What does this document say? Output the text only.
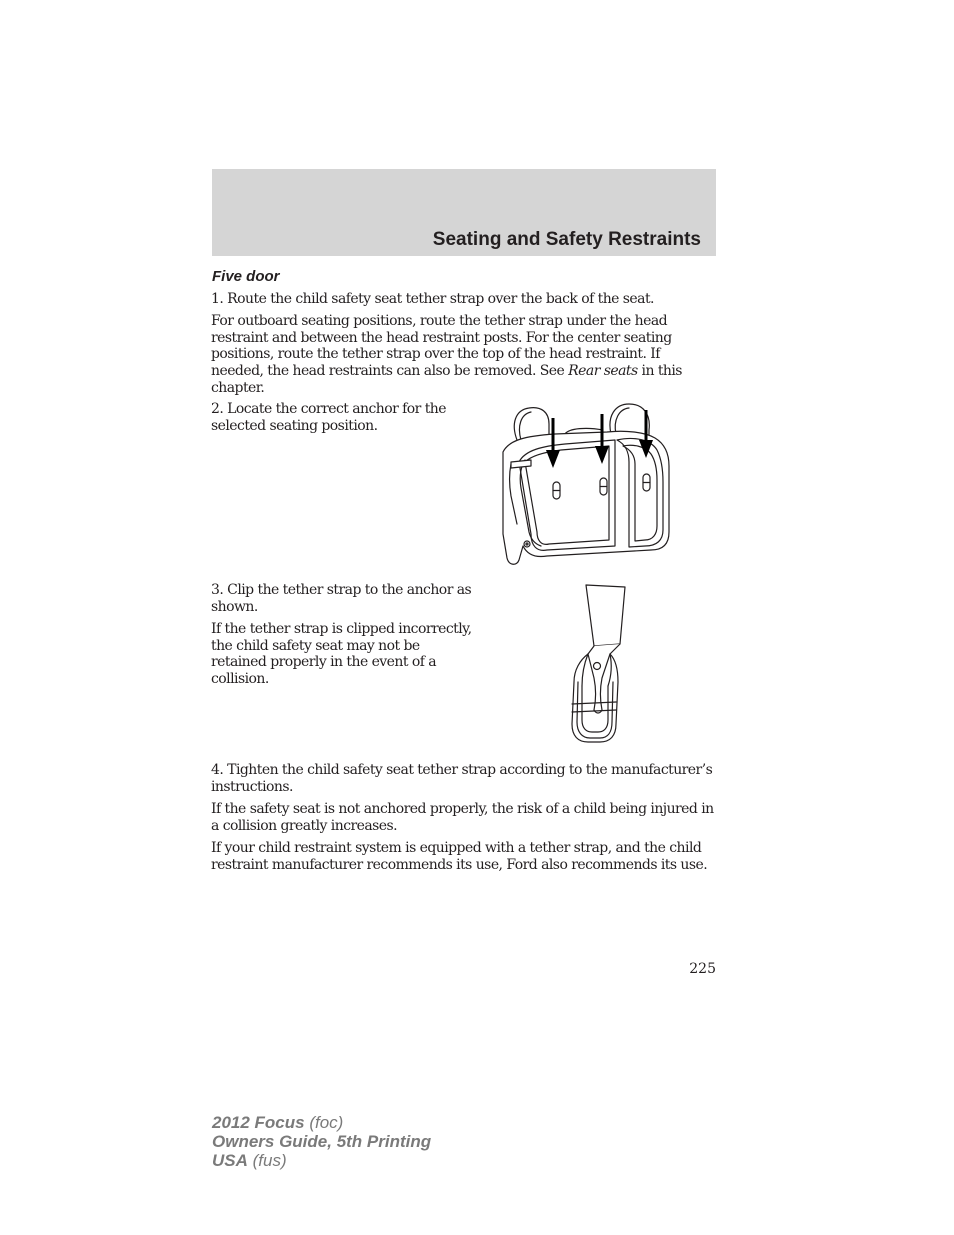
Seating and Safety Restraints
Five door

1. Route the child safety seat tether strap over the back of the seat.

For outboard seating positions, route the tether strap under the head restraint and between the head restraint posts. For the center seating positions, route the tether strap over the top of the head restraint. If needed, the head restraints can also be removed. See Rear seats in this chapter.

2. Locate the correct anchor for the selected seating position.

3. Clip the tether strap to the anchor as shown.

If the tether strap is clipped incorrectly, the child safety seat may not be retained properly in the event of a collision.

4. Tighten the child safety seat tether strap according to the manufacturer’s instructions.

If the safety seat is not anchored properly, the risk of a child being injured in a collision greatly increases.

If your child restraint system is equipped with a tether strap, and the child restraint manufacturer recommends its use, Ford also recommends its use.

225
2012 Focus (foc)
Owners Guide, 5th Printing
USA (fus)
